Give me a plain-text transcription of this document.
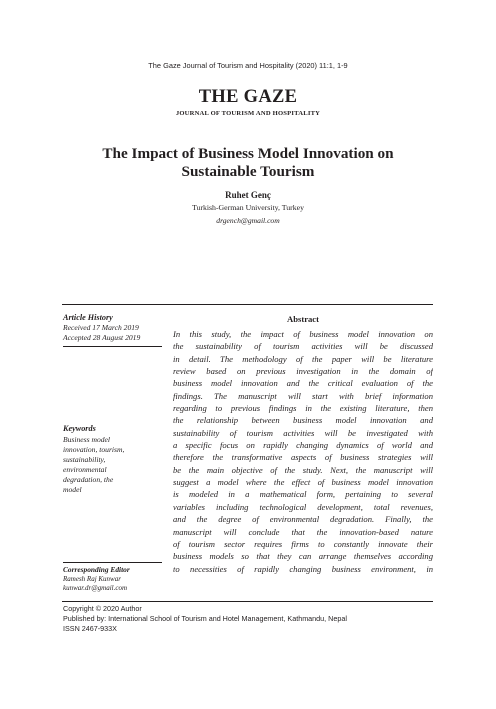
The Gaze Journal of Tourism and Hospitality (2020) 11:1, 1-9
THE GAZE
JOURNAL OF TOURISM AND HOSPITALITY
The Impact of Business Model Innovation on
Sustainable Tourism
Ruhet Genç
Turkish-German University, Turkey
drgench@gmail.com
Article History
Received 17 March 2019
Accepted 28 August 2019
Keywords
Business model
innovation, tourism,
sustainability,
environmental
degradation, the
model
Corresponding Editor
Ramesh Raj Kunwar
kunwar.dr@gmail.com
Abstract
In this study, the impact of business model innovation on
the sustainability of tourism activities will be discussed
in detail. The methodology of the paper will be literature
review based on previous investigation in the domain of
business model innovation and the critical evaluation of the
findings. The manuscript will start with brief information
regarding to previous findings in the existing literature, then
the relationship between business model innovation and
sustainability of tourism activities will be investigated with
a specific focus on rapidly changing dynamics of world and
therefore the transformative aspects of business strategies will
be the main objective of the study. Next, the manuscript will
suggest a model where the effect of business model innovation
is modeled in a mathematical form, pertaining to several
variables including technological development, total revenues,
and the degree of environmental degradation. Finally, the
manuscript will conclude that the innovation-based nature
of tourism sector requires firms to constantly innovate their
business models so that they can arrange themselves according
to necessities of rapidly changing business environment, in
Copyright © 2020 Author
Published by: International School of Tourism and Hotel Management, Kathmandu, Nepal
ISSN 2467-933X
